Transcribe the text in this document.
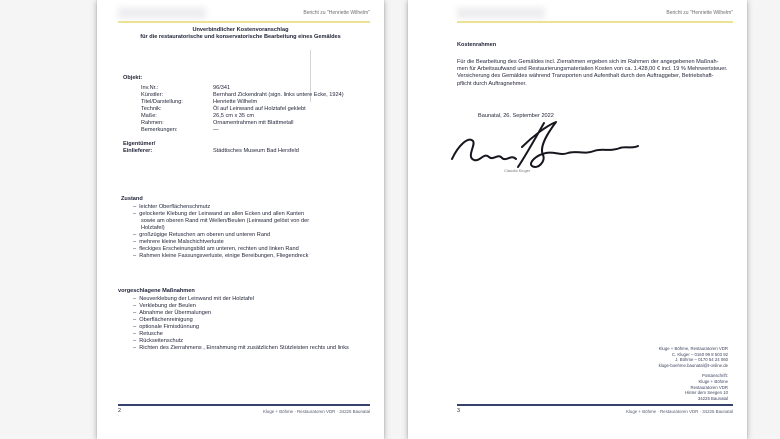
Bericht zu "Henriette Wilhelm"
Unverbindlicher Kostenvoranschlag
für die restauratorische und konservatorische Bearbeitung eines Gemäldes
Objekt:
Inv.Nr.:	96/341
Künstler:	Bernhard Zickendraht (sign. links untere Ecke, 1924)
Titel/Darstellung:	Henriette Wilhelm
Technik:	Öl auf Leinwand auf Holztafel geklebt
Maße:	26,5 cm x 35 cm
Rahmen:	Ornamentrahmen mit Blattmetall
Bemerkungen:	—
Eigentümer/
Einlieferer:	Städtisches Museum Bad Hersfeld
Zustand
–  leichter Oberflächenschmutz
–  gelockerte Klebung der Leinwand an allen Ecken und allen Kanten sowie am oberen Rand mit Wellen/Beulen (Leinwand gelöst von der Holztafel)
–  großzügige Retuschen am oberen und unteren Rand
–  mehrere kleine Malschichtverluste
–  fleckiges Erscheinungsbild am unteren, rechten und linken Rand
–  Rahmen kleine Fassungsverluste, einige Bereibungen, Fliegendreck
vorgeschlagene Maßnahmen
–  Neuverklebung der Leinwand mit der Holztafel
–  Verklebung der Beulen
–  Abnahme der Übermalungen
–  Oberflächenreinigung
–  optionale Firnisdünnung
–  Retusche
–  Rückseitenschutz
–  Richten des Zierrahmens , Einrahmung mit zusätzlichen Stützleisten rechts und links
2	Kluge + Böhme · Restauratoren VDR · 34225 Baunatal
Bericht zu "Henriette Wilhelm"
Kostenrahmen
Für die Bearbeitung des Gemäldes incl. Zierrahmen ergeben sich im Rahmen der angegebenen Maßnah-
men für Arbeitsaufwand und Restaurierungsmaterialien Kosten von ca. 1.428,00 € incl. 19 % Mehrwertsteuer.
Versicherung des Gemäldes während Transporten und Aufenthalt durch den Auftraggeber, Betriebshaft-
pflicht durch Auftragnehmer.
Baunatal, 26. September 2022
Claudia Kluger
Kluge + Böhme, Restauratoren VDR
C. Kluger – 0160 99 8 503 92
J. Böhme – 0170 54 24 060
kluge-boehme.baunatal@t-online.de
Postanschrift:
Kluge + Böhme
Restauratoren VDR
Hinter dem Seegen 10
34225 Baunatal
3	Kluge + Böhme · Restauratoren VDR · 34225 Baunatal
